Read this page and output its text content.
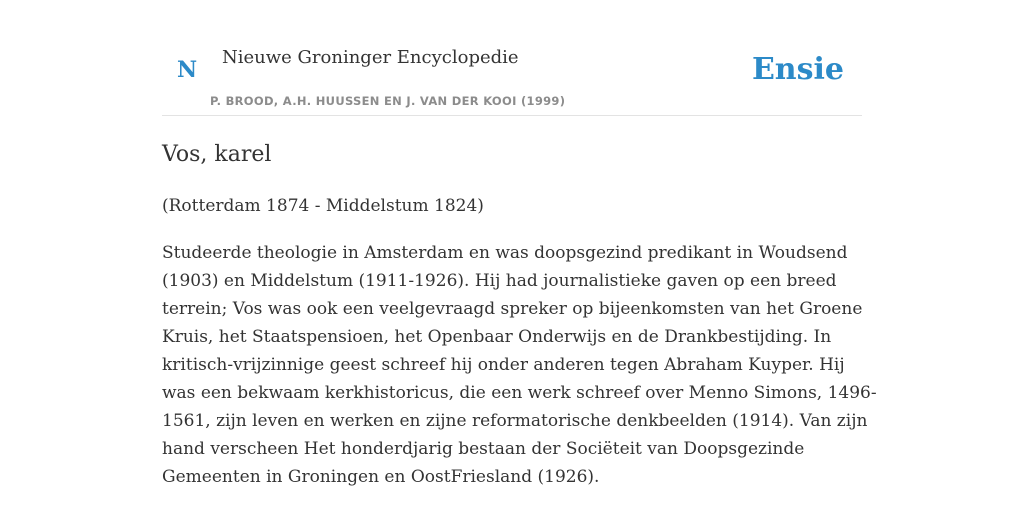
N Nieuwe Groninger Encyclopedie
P. BROOD, A.H. HUUSSEN EN J. VAN DER KOOI (1999)
Ensie
Vos, karel

(Rotterdam 1874 - Middelstum 1824)

Studeerde theologie in Amsterdam en was doopsgezind predikant in Woudsend
(1903) en Middelstum (1911-1926). Hij had journalistieke gaven op een breed
terrein; Vos was ook een veelgevraagd spreker op bijeenkomsten van het Groene
Kruis, het Staatspensioen, het Openbaar Onderwijs en de Drankbestijding. In
kritisch-vrijzinnige geest schreef hij onder anderen tegen Abraham Kuyper. Hij
was een bekwaam kerkhistoricus, die een werk schreef over Menno Simons, 1496-
1561, zijn leven en werken en zijne reformatorische denkbeelden (1914). Van zijn
hand verscheen Het honderdjarig bestaan der Sociëteit van Doopsgezinde
Gemeenten in Groningen en OostFriesland (1926).
